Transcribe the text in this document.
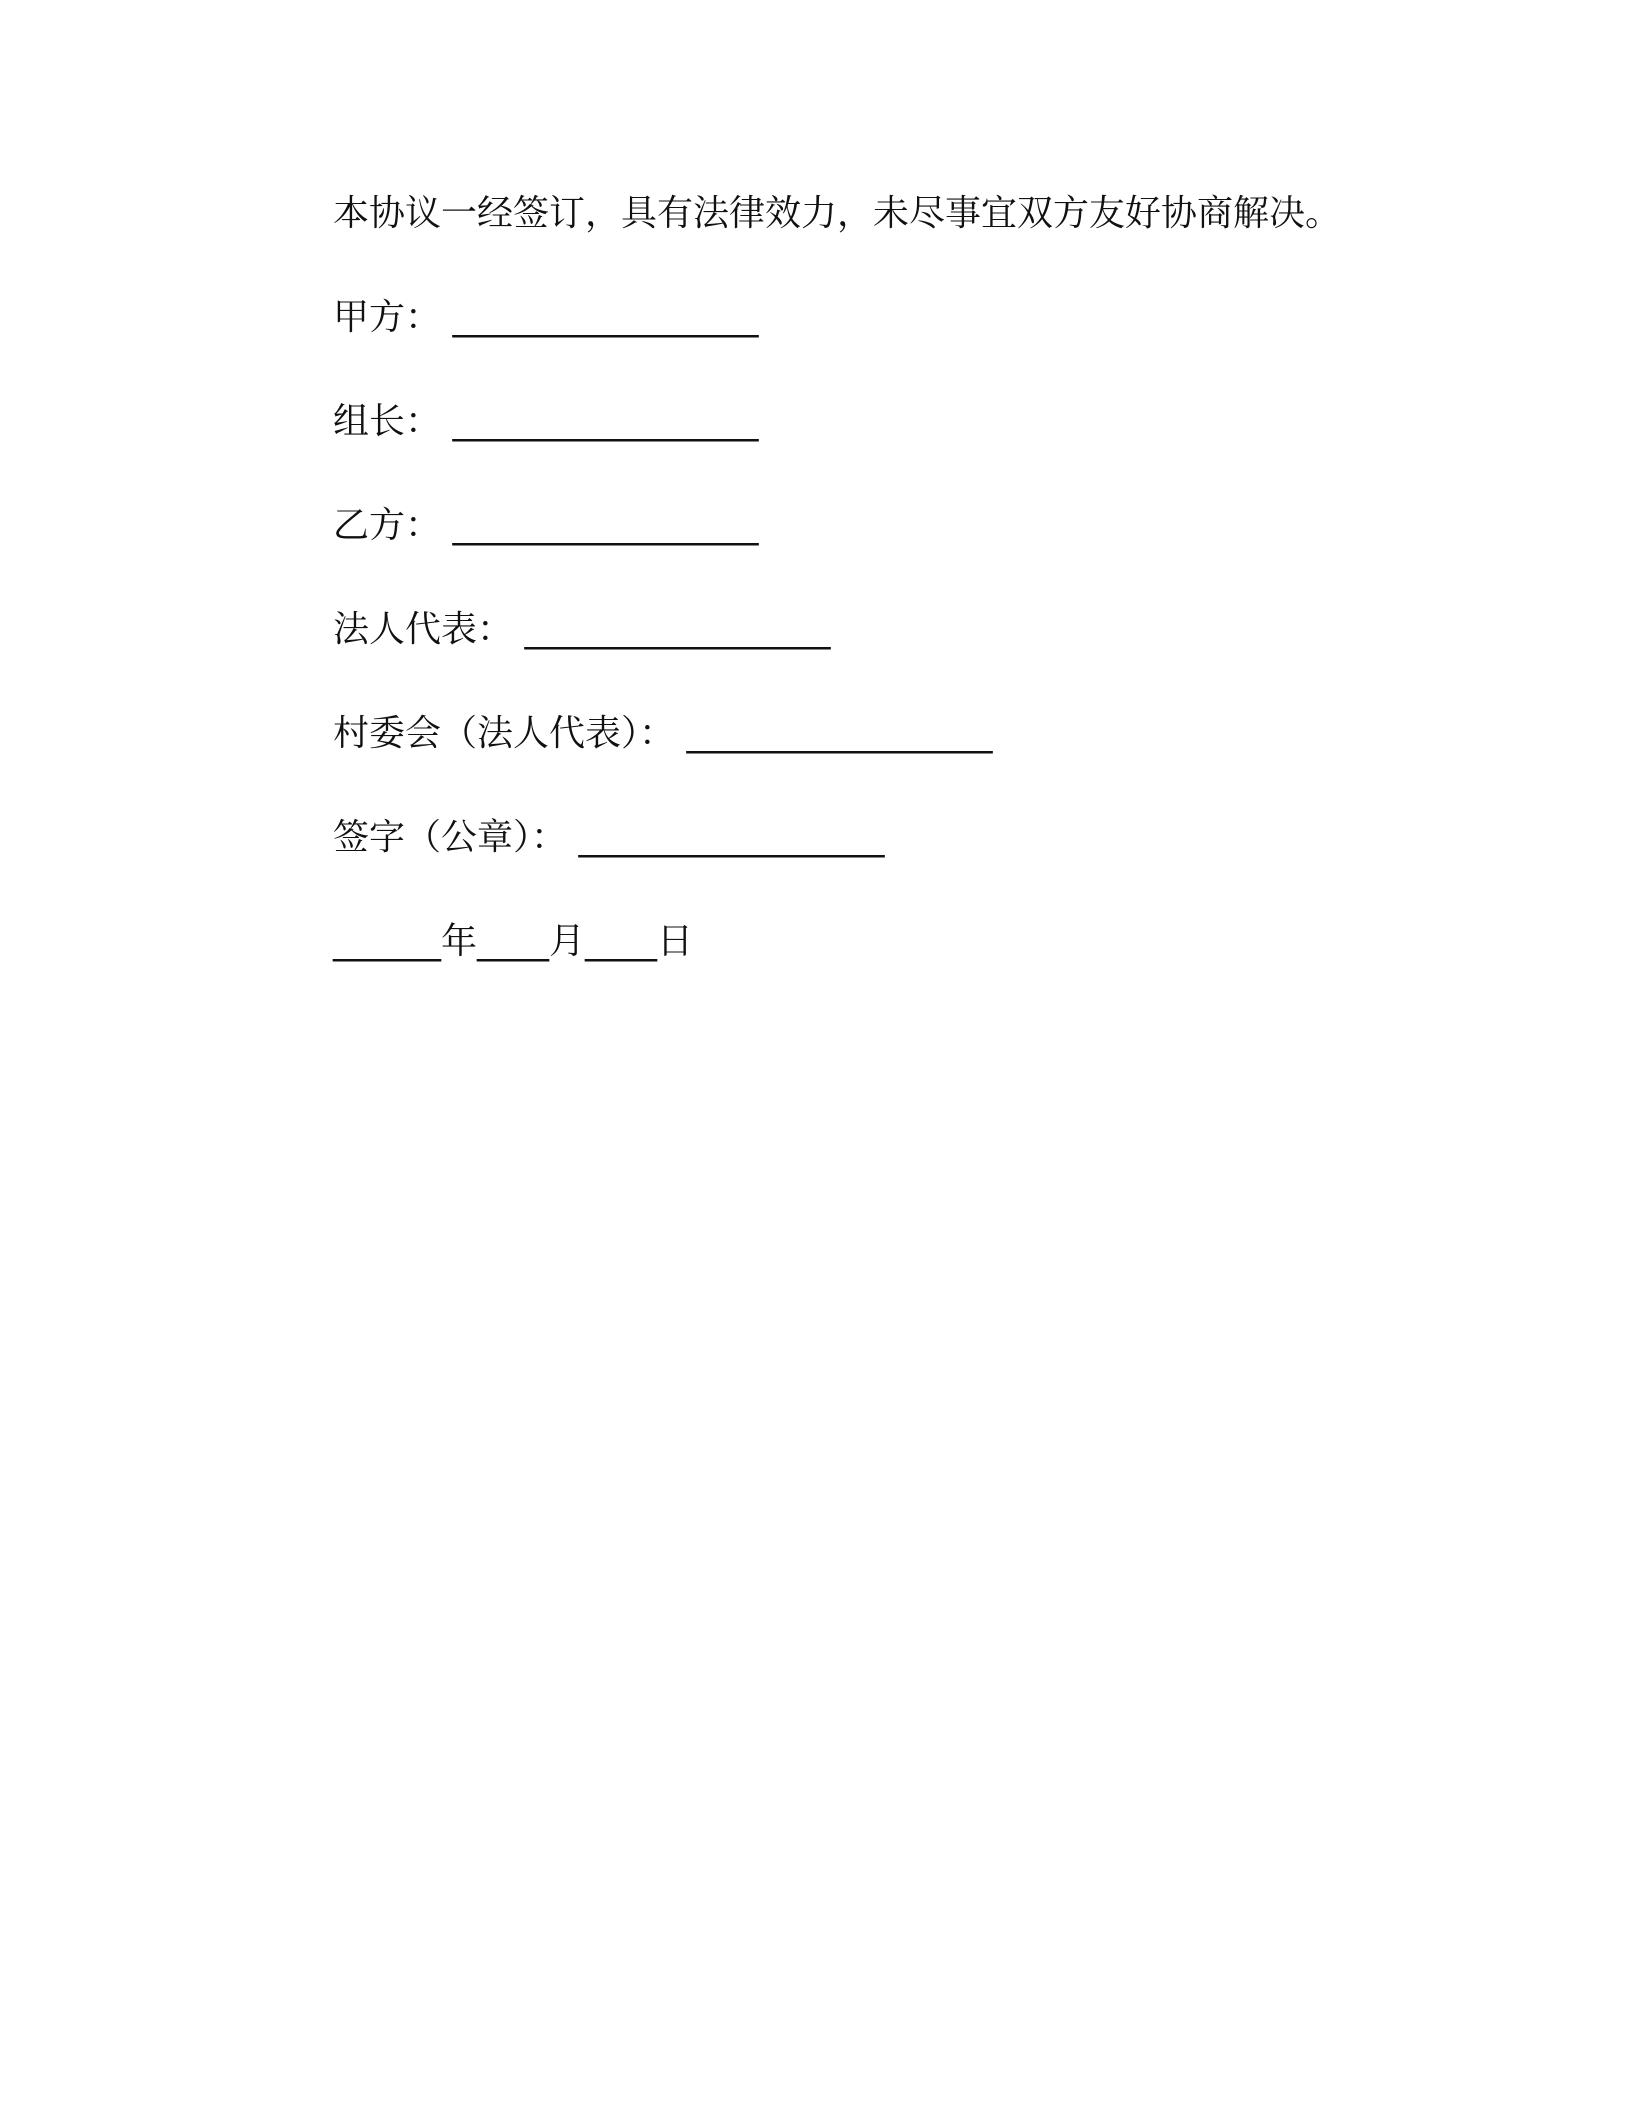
本协议一经签订，具有法律效力，未尽事宜双方友好协商解决。
甲方： _________________
组长： _________________
乙方： _________________
法人代表： _________________
村委会（法人代表）： _________________
签字（公章）： _________________
______年____月____日
